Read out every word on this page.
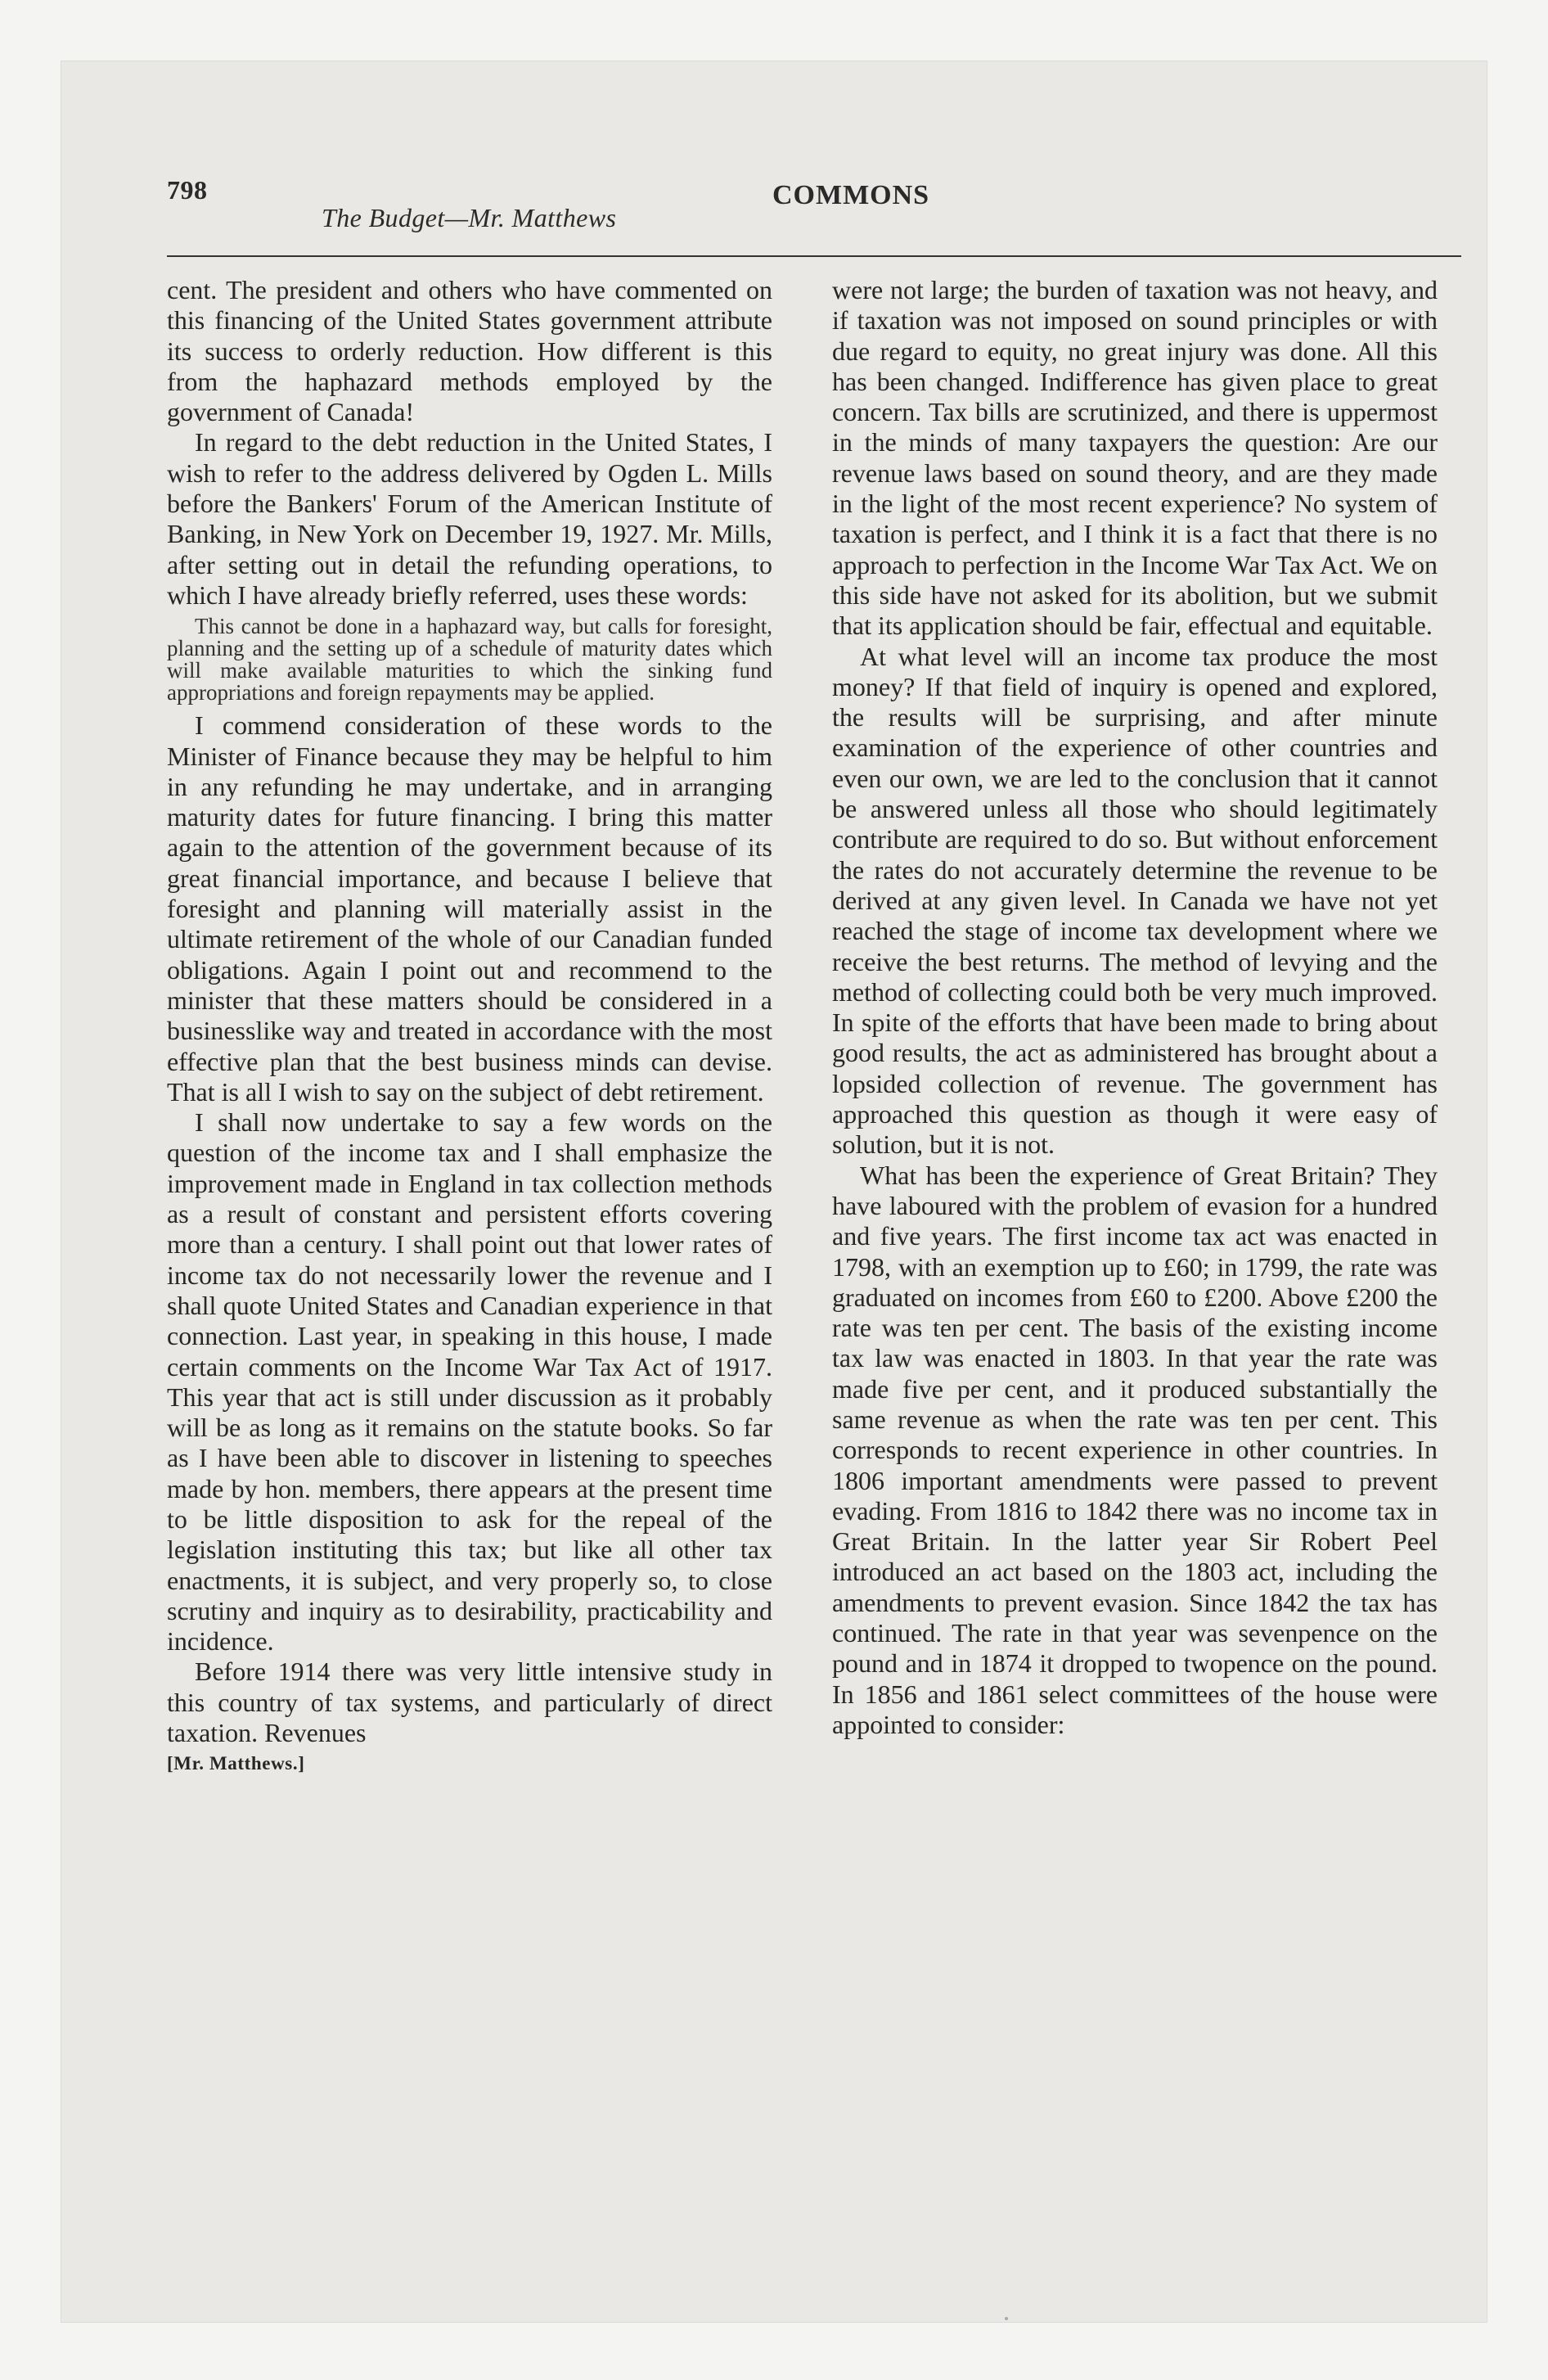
798
The Budget—Mr. Matthews
COMMONS

cent. The president and others who have commented on this financing of the United States government attribute its success to orderly reduction. How different is this from the haphazard methods employed by the government of Canada!

In regard to the debt reduction in the United States, I wish to refer to the address delivered by Ogden L. Mills before the Bankers' Forum of the American Institute of Banking, in New York on December 19, 1927. Mr. Mills, after setting out in detail the refunding operations, to which I have already briefly referred, uses these words:

This cannot be done in a haphazard way, but calls for foresight, planning and the setting up of a schedule of maturity dates which will make available maturities to which the sinking fund appropriations and foreign repayments may be applied.

I commend consideration of these words to the Minister of Finance because they may be helpful to him in any refunding he may undertake, and in arranging maturity dates for future financing. I bring this matter again to the attention of the government because of its great financial importance, and because I believe that foresight and planning will materially assist in the ultimate retirement of the whole of our Canadian funded obligations. Again I point out and recommend to the minister that these matters should be considered in a businesslike way and treated in accordance with the most effective plan that the best business minds can devise. That is all I wish to say on the subject of debt retirement.

I shall now undertake to say a few words on the question of the income tax and I shall emphasize the improvement made in England in tax collection methods as a result of constant and persistent efforts covering more than a century. I shall point out that lower rates of income tax do not necessarily lower the revenue and I shall quote United States and Canadian experience in that connection. Last year, in speaking in this house, I made certain comments on the Income War Tax Act of 1917. This year that act is still under discussion as it probably will be as long as it remains on the statute books. So far as I have been able to discover in listening to speeches made by hon. members, there appears at the present time to be little disposition to ask for the repeal of the legislation instituting this tax; but like all other tax enactments, it is subject, and very properly so, to close scrutiny and inquiry as to desirability, practicability and incidence.

Before 1914 there was very little intensive study in this country of tax systems, and particularly of direct taxation. Revenues

[Mr. Matthews.]

were not large; the burden of taxation was not heavy, and if taxation was not imposed on sound principles or with due regard to equity, no great injury was done. All this has been changed. Indifference has given place to great concern. Tax bills are scrutinized, and there is uppermost in the minds of many taxpayers the question: Are our revenue laws based on sound theory, and are they made in the light of the most recent experience? No system of taxation is perfect, and I think it is a fact that there is no approach to perfection in the Income War Tax Act. We on this side have not asked for its abolition, but we submit that its application should be fair, effectual and equitable.

At what level will an income tax produce the most money? If that field of inquiry is opened and explored, the results will be surprising, and after minute examination of the experience of other countries and even our own, we are led to the conclusion that it cannot be answered unless all those who should legitimately contribute are required to do so. But without enforcement the rates do not accurately determine the revenue to be derived at any given level. In Canada we have not yet reached the stage of income tax development where we receive the best returns. The method of levying and the method of collecting could both be very much improved. In spite of the efforts that have been made to bring about good results, the act as administered has brought about a lopsided collection of revenue. The government has approached this question as though it were easy of solution, but it is not.

What has been the experience of Great Britain? They have laboured with the problem of evasion for a hundred and five years. The first income tax act was enacted in 1798, with an exemption up to £60; in 1799, the rate was graduated on incomes from £60 to £200. Above £200 the rate was ten per cent. The basis of the existing income tax law was enacted in 1803. In that year the rate was made five per cent, and it produced substantially the same revenue as when the rate was ten per cent. This corresponds to recent experience in other countries. In 1806 important amendments were passed to prevent evading. From 1816 to 1842 there was no income tax in Great Britain. In the latter year Sir Robert Peel introduced an act based on the 1803 act, including the amendments to prevent evasion. Since 1842 the tax has continued. The rate in that year was sevenpence on the pound and in 1874 it dropped to twopence on the pound. In 1856 and 1861 select committees of the house were appointed to consider:
